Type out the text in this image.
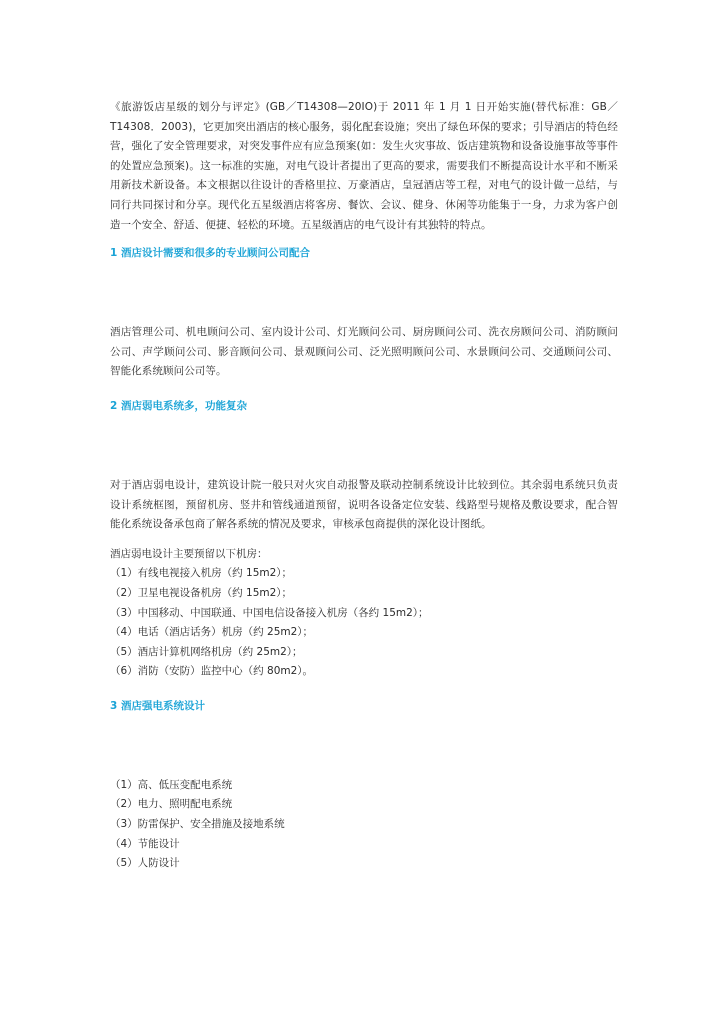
《旅游饭店星级的划分与评定》(GB／T14308—20IO)于 2011 年 1 月 1 日开始实施(替代标准：GB／T14308．2003)，它更加突出酒店的核心服务，弱化配套设施；突出了绿色环保的要求；引导酒店的特色经营，强化了安全管理要求，对突发事件应有应急预案(如：发生火灾事故、饭店建筑物和设备设施事故等事件的处置应急预案)。这一标准的实施，对电气设计者提出了更高的要求，需要我们不断提高设计水平和不断采用新技术新设备。本文根据以往设计的香格里拉、万豪酒店，皇冠酒店等工程，对电气的设计做一总结，与同行共同探讨和分享。现代化五星级酒店将客房、餐饮、会议、健身、休闲等功能集于一身，力求为客户创造一个安全、舒适、便捷、轻松的环境。五星级酒店的电气设计有其独特的特点。

1 酒店设计需要和很多的专业顾问公司配合

酒店管理公司、机电顾问公司、室内设计公司、灯光顾问公司、厨房顾问公司、洗衣房顾问公司、消防顾问公司、声学顾问公司、影音顾问公司、景观顾问公司、泛光照明顾问公司、水景顾问公司、交通顾问公司、智能化系统顾问公司等。

2 酒店弱电系统多，功能复杂

对于酒店弱电设计，建筑设计院一般只对火灾自动报警及联动控制系统设计比较到位。其余弱电系统只负责设计系统框图，预留机房、竖井和管线通道预留，说明各设备定位安装、线路型号规格及敷设要求，配合智能化系统设备承包商了解各系统的情况及要求，审核承包商提供的深化设计图纸。

酒店弱电设计主要预留以下机房：

（1）有线电视接入机房（约 15m2）；

（2）卫星电视设备机房（约 15m2）；

（3）中国移动、中国联通、中国电信设备接入机房（各约 15m2）；

（4）电话（酒店话务）机房（约 25m2）；

（5）酒店计算机网络机房（约 25m2）；

（6）消防（安防）监控中心（约 80m2）。

3 酒店强电系统设计

（1）高、低压变配电系统

（2）电力、照明配电系统

（3）防雷保护、安全措施及接地系统

（4）节能设计

（5）人防设计
